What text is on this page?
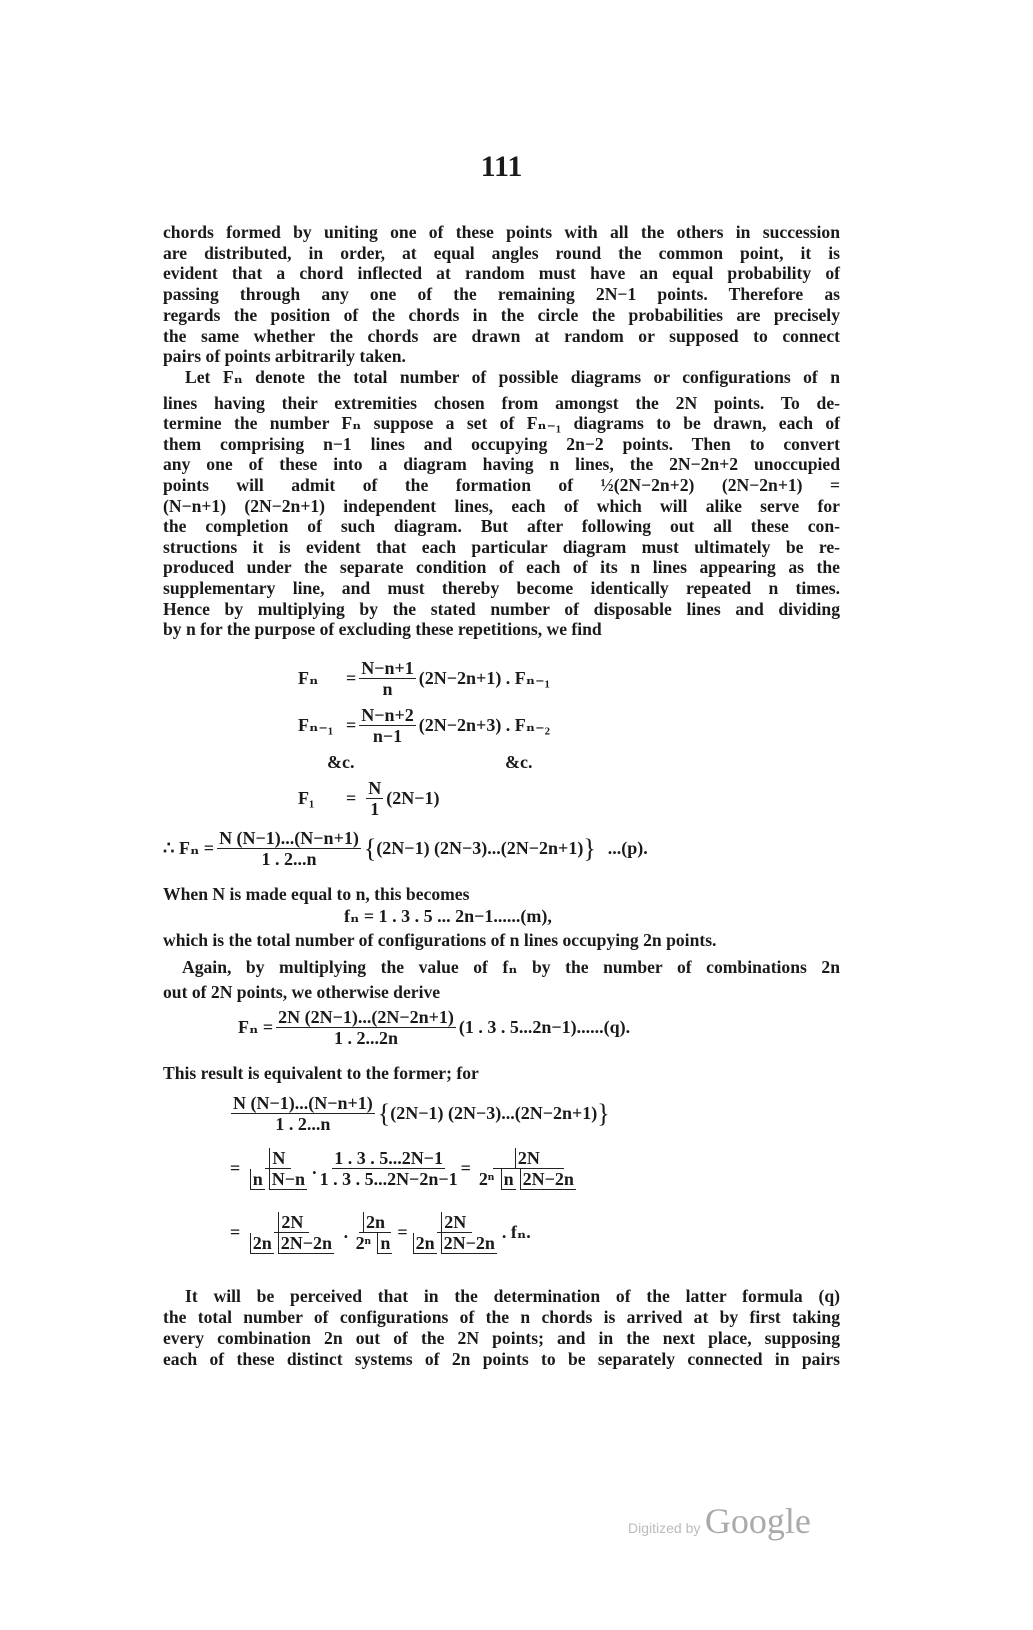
111
chords formed by uniting one of these points with all the others in succession
are distributed, in order, at equal angles round the common point, it is
evident that a chord inflected at random must have an equal probability of
passing through any one of the remaining 2N−1 points. Therefore as
regards the position of the chords in the circle the probabilities are precisely
the same whether the chords are drawn at random or supposed to connect
pairs of points arbitrarily taken.
Let Fₙ denote the total number of possible diagrams or configurations of n
lines having their extremities chosen from amongst the 2N points. To de-
termine the number Fₙ suppose a set of Fₙ₋₁ diagrams to be drawn, each of
them comprising n−1 lines and occupying 2n−2 points. Then to convert
any one of these into a diagram having n lines, the 2N−2n+2 unoccupied
points will admit of the formation of ½(2N−2n+2) (2N−2n+1) =
(N−n+1) (2N−2n+1) independent lines, each of which will alike serve for
the completion of such diagram. But after following out all these con-
structions it is evident that each particular diagram must ultimately be re-
produced under the separate condition of each of its n lines appearing as the
supplementary line, and must thereby become identically repeated n times.
Hence by multiplying by the stated number of disposable lines and dividing
by n for the purpose of excluding these repetitions, we find
Fₙ	= $\frac{N-n+1}{n} (2N-2n+1)$ . Fₙ₋₁
$F_{n-1} = \frac{N-n+2}{n-1} (2N-2n+3)$ . Fₙ₋₂
&c.	&c.
F₁	= $\frac{N}{1} (2N-1)$
∴ $F_n = \frac{N (N-1)...(N-n+1)}{1 . 2...n}$ { (2N−1) (2N−3)...(2N−2n+1) } ...(p).
When N is made equal to n, this becomes
fₙ = 1 . 3 . 5 ... 2n−1......(m),
which is the total number of configurations of n lines occupying 2n points.
Again, by multiplying the value of fₙ by the number of combinations 2n
out of 2N points, we otherwise derive
$F_n = \frac{2N (2N-1)...(2N-2n+1)}{1 . 2...2n} (1$ . 3 . 5...2n−1)......(q).
This result is equivalent to the former; for
$\frac{N (N-1)...(N-n+1)}{1 . 2...n}$ { (2N−1) (2N−3)...(2N−2n+1) }
= $\frac{N}{\text{n N−n}}$ . $\frac{1 . 3 . 5...2N-1}{1 . 3 . 5...2N-2n-1} = \frac{2N}{\text{2ⁿ n 2N−2n}}$
= $\frac{2N}{2n 2N-2n}$ . $\frac{2n}{\text{2ⁿ n}} = \frac{2N}{2n 2N-2n}$ . fₙ.
It will be perceived that in the determination of the latter formula (q)
the total number of configurations of the n chords is arrived at by first taking
every combination 2n out of the 2N points; and in the next place, supposing
each of these distinct systems of 2n points to be separately connected in pairs
Digitized by Google
